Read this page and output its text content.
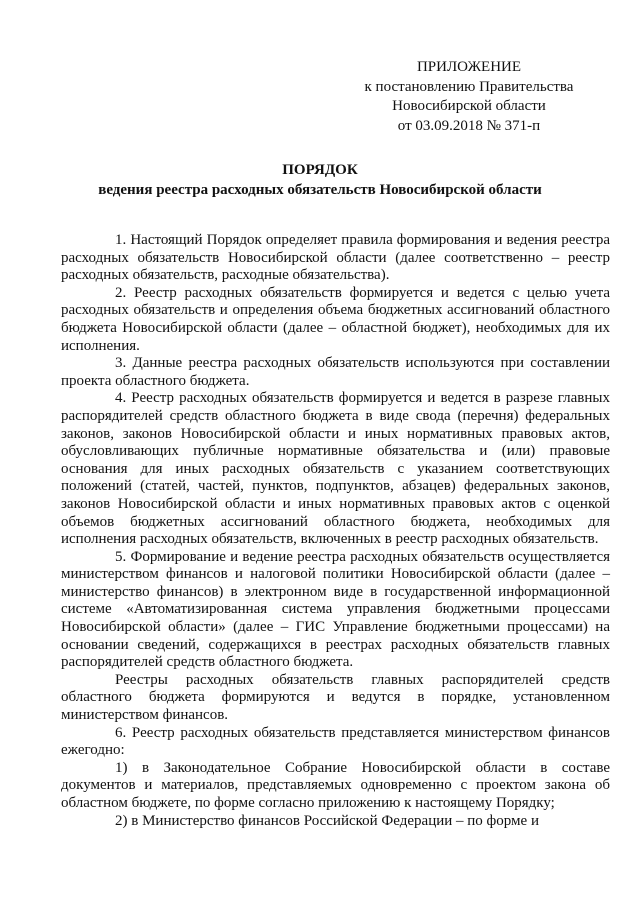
ПРИЛОЖЕНИЕ
к постановлению Правительства
Новосибирской области
от 03.09.2018 № 371-п
ПОРЯДОК
ведения реестра расходных обязательств Новосибирской области

1. Настоящий Порядок определяет правила формирования и ведения реестра расходных обязательств Новосибирской области (далее соответственно – реестр расходных обязательств, расходные обязательства).

2. Реестр расходных обязательств формируется и ведется с целью учета расходных обязательств и определения объема бюджетных ассигнований областного бюджета Новосибирской области (далее – областной бюджет), необходимых для их исполнения.

3. Данные реестра расходных обязательств используются при составлении проекта областного бюджета.

4. Реестр расходных обязательств формируется и ведется в разрезе главных распорядителей средств областного бюджета в виде свода (перечня) федеральных законов, законов Новосибирской области и иных нормативных правовых актов, обусловливающих публичные нормативные обязательства и (или) правовые основания для иных расходных обязательств с указанием соответствующих положений (статей, частей, пунктов, подпунктов, абзацев) федеральных законов, законов Новосибирской области и иных нормативных правовых актов с оценкой объемов бюджетных ассигнований областного бюджета, необходимых для исполнения расходных обязательств, включенных в реестр расходных обязательств.

5. Формирование и ведение реестра расходных обязательств осуществляется министерством финансов и налоговой политики Новосибирской области (далее – министерство финансов) в электронном виде в государственной информационной системе «Автоматизированная система управления бюджетными процессами Новосибирской области» (далее – ГИС Управление бюджетными процессами) на основании сведений, содержащихся в реестрах расходных обязательств главных распорядителей средств областного бюджета.

Реестры расходных обязательств главных распорядителей средств областного бюджета формируются и ведутся в порядке, установленном министерством финансов.

6. Реестр расходных обязательств представляется министерством финансов ежегодно:

1) в Законодательное Собрание Новосибирской области в составе документов и материалов, представляемых одновременно с проектом закона об областном бюджете, по форме согласно приложению к настоящему Порядку;

2) в Министерство финансов Российской Федерации – по форме и
